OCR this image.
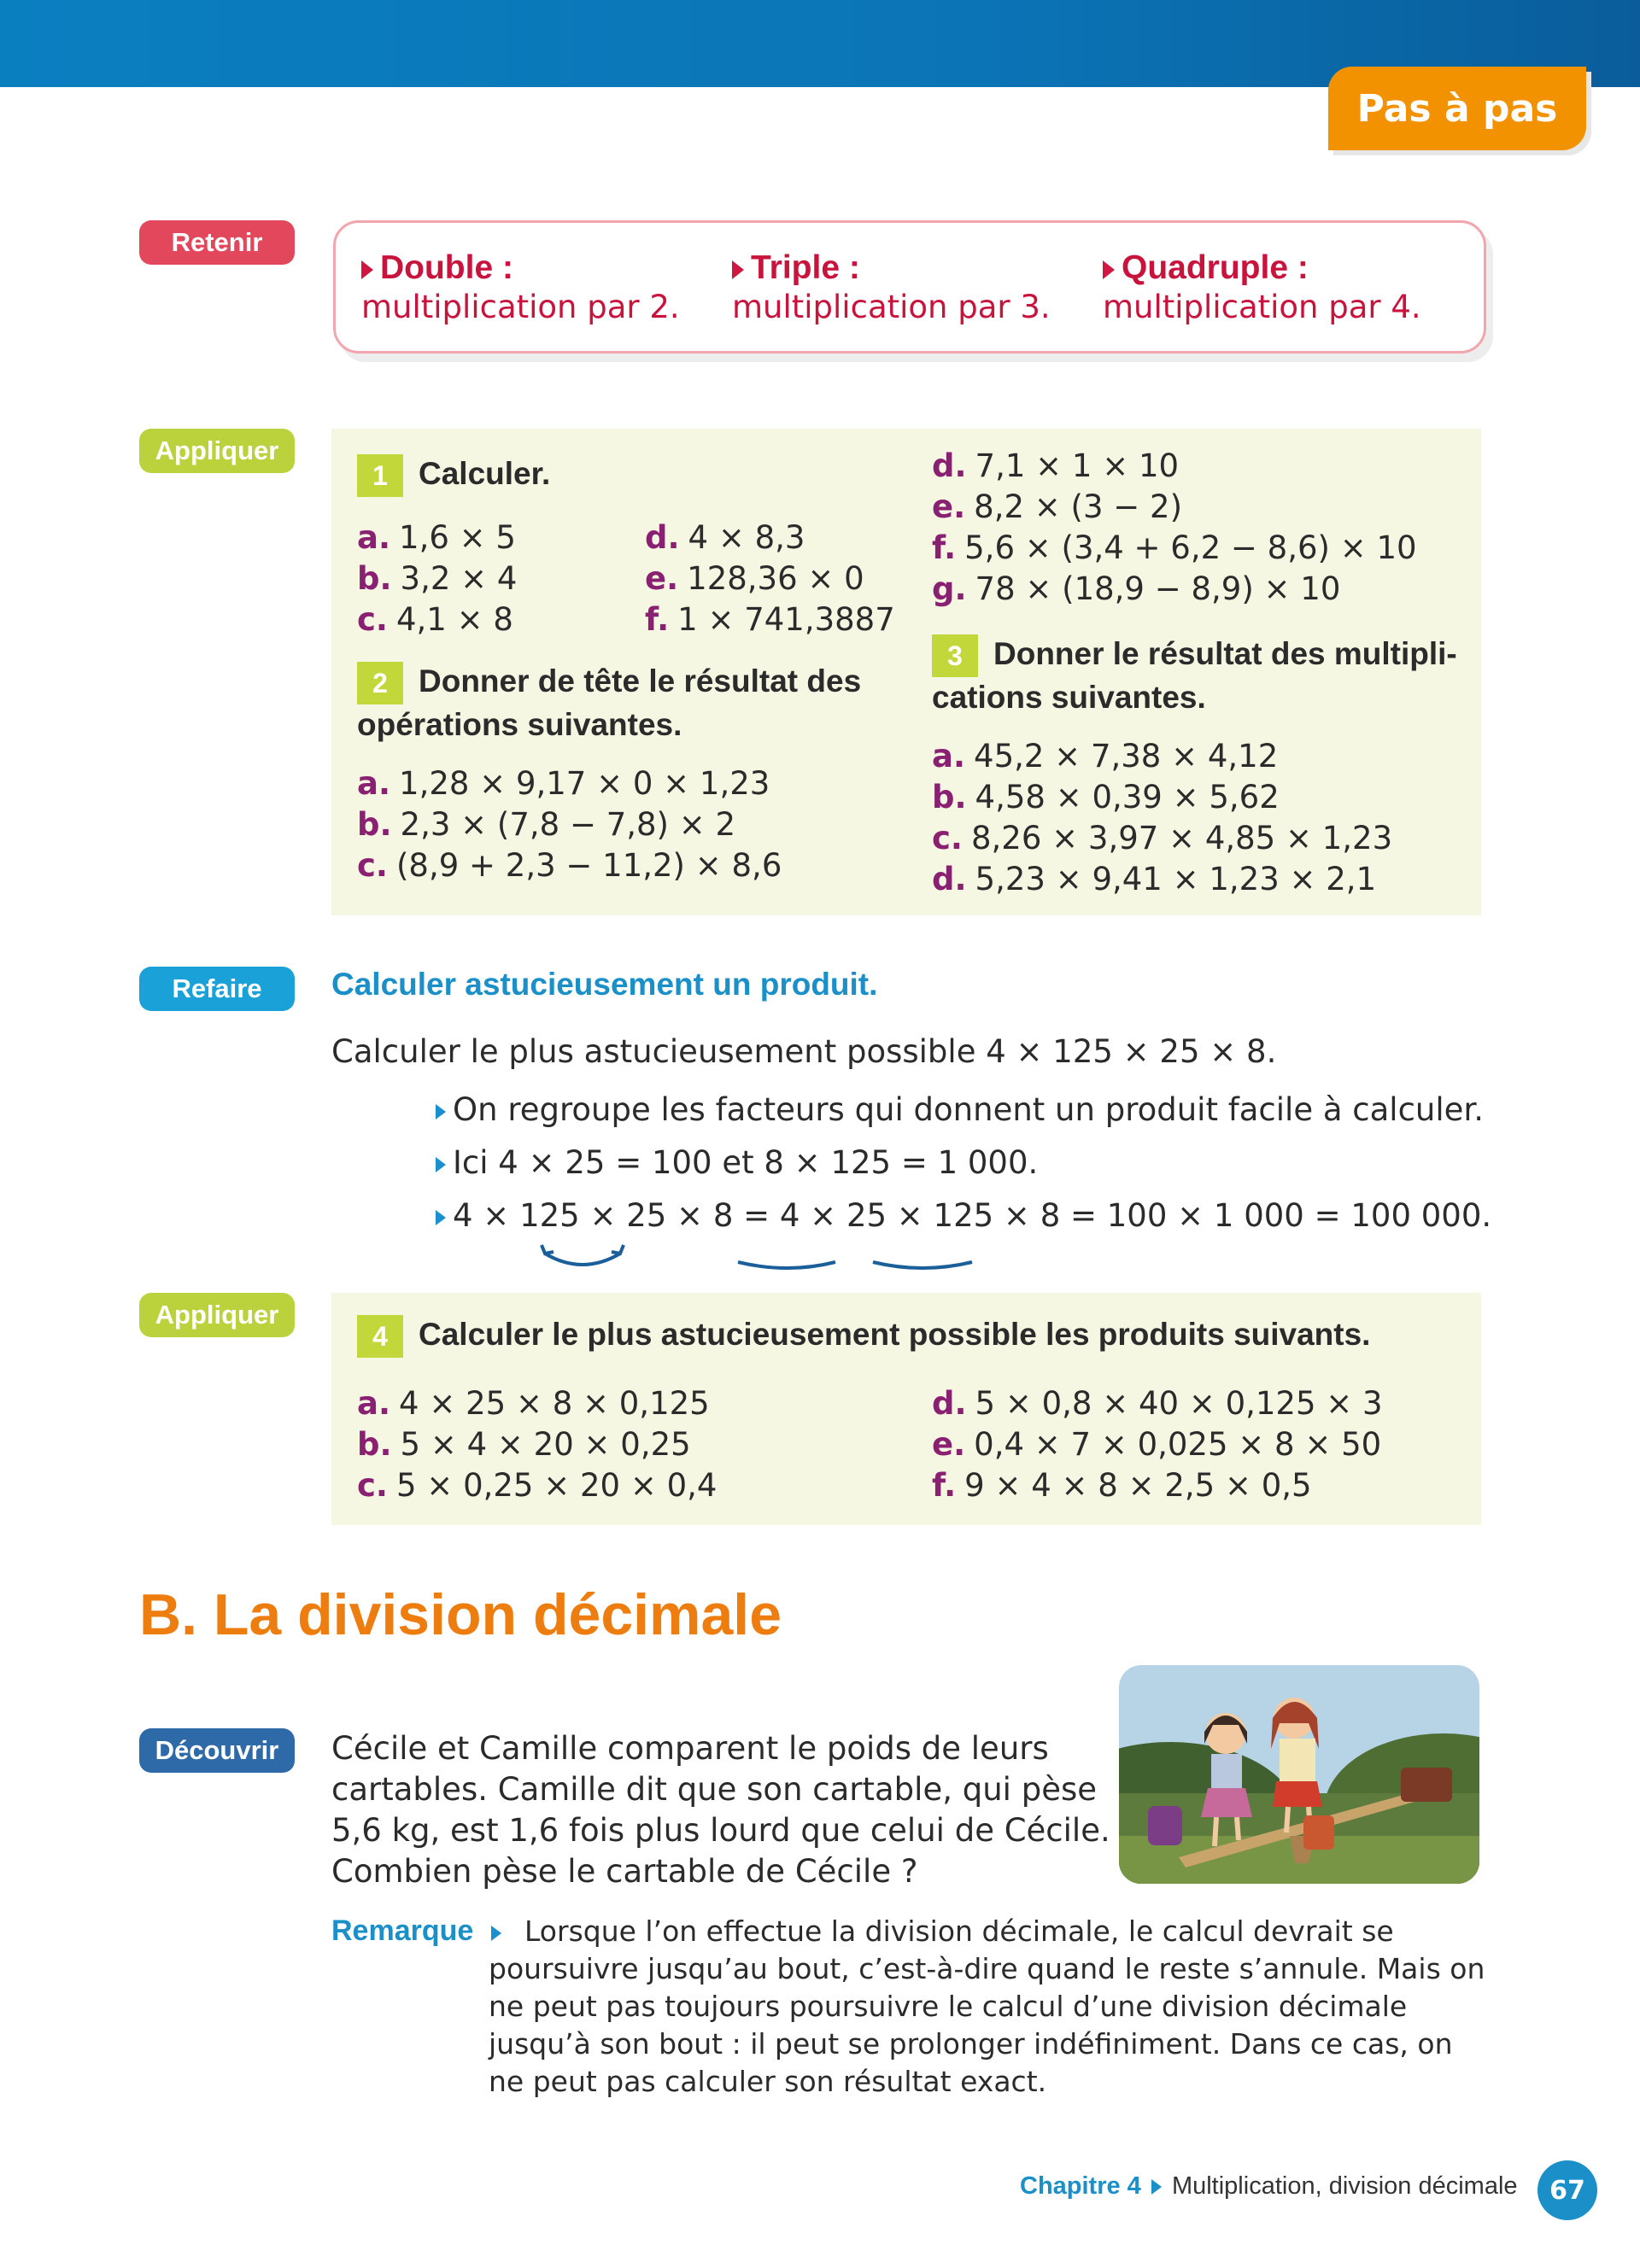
Pas à pas
Retenir
Double :
multiplication par 2.
Triple :
multiplication par 3.
Quadruple :
multiplication par 4.
Appliquer
1 Calculer.
a. 1,6 × 5
b. 3,2 × 4
c. 4,1 × 8
d. 4 × 8,3
e. 128,36 × 0
f. 1 × 741,3887
d. 7,1 × 1 × 10
e. 8,2 × (3 − 2)
f. 5,6 × (3,4 + 6,2 − 8,6) × 10
g. 78 × (18,9 − 8,9) × 10
2 Donner de tête le résultat des
opérations suivantes.
a. 1,28 × 9,17 × 0 × 1,23
b. 2,3 × (7,8 − 7,8) × 2
c. (8,9 + 2,3 − 11,2) × 8,6
3 Donner le résultat des multipli-
cations suivantes.
a. 45,2 × 7,38 × 4,12
b. 4,58 × 0,39 × 5,62
c. 8,26 × 3,97 × 4,85 × 1,23
d. 5,23 × 9,41 × 1,23 × 2,1
Refaire	Calculer astucieusement un produit.
Calculer le plus astucieusement possible 4 × 125 × 25 × 8.
On regroupe les facteurs qui donnent un produit facile à calculer.
Ici 4 × 25 = 100 et 8 × 125 = 1 000.
4 × 125 × 25 × 8 = 4 × 25 × 125 × 8 = 100 × 1 000 = 100 000.
Appliquer
4 Calculer le plus astucieusement possible les produits suivants.
a. 4 × 25 × 8 × 0,125
b. 5 × 4 × 20 × 0,25
c. 5 × 0,25 × 20 × 0,4
d. 5 × 0,8 × 40 × 0,125 × 3
e. 0,4 × 7 × 0,025 × 8 × 50
f. 9 × 4 × 8 × 2,5 × 0,5
B. La division décimale
Découvrir	Cécile et Camille comparent le poids de leurs
cartables. Camille dit que son cartable, qui pèse
5,6 kg, est 1,6 fois plus lourd que celui de Cécile.
Combien pèse le cartable de Cécile ?
Remarque	Lorsque l’on effectue la division décimale, le calcul devrait se poursuivre jusqu’au bout, c’est-à-dire quand le reste s’annule. Mais on ne peut pas toujours poursuivre le calcul d’une division décimale jusqu’à son bout : il peut se prolonger indéfiniment. Dans ce cas, on ne peut pas calculer son résultat exact.
Chapitre 4 Multiplication, division décimale	67
